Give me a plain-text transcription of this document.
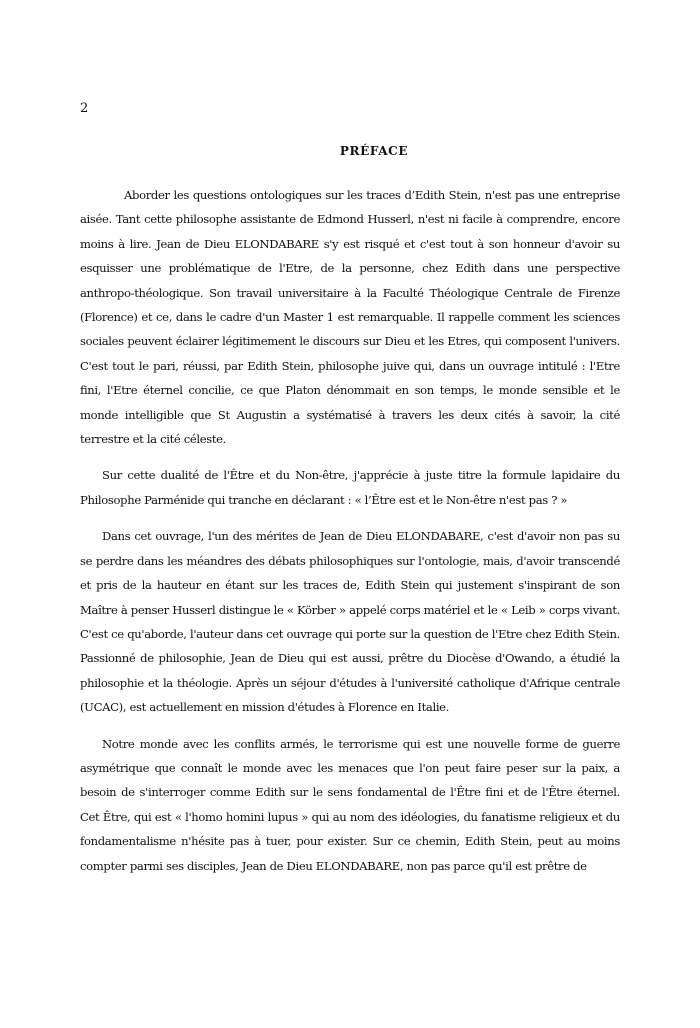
2
PRÉFACE

Aborder les questions ontologiques sur les traces d’Edith Stein, n'est pas une entreprise aisée. Tant cette philosophe assistante de Edmond Husserl, n'est ni facile à comprendre, encore moins à lire. Jean de Dieu ELONDABARE s'y est risqué et c'est tout à son honneur d'avoir su esquisser une problématique de l'Etre, de la personne, chez Edith dans une perspective anthropo-théologique. Son travail universitaire à la Faculté Théologique Centrale de Firenze (Florence) et ce, dans le cadre d'un Master 1 est remarquable. Il rappelle comment les sciences sociales peuvent éclairer légitimement le discours sur Dieu et les Etres, qui composent l'univers. C'est tout le pari, réussi, par Edith Stein, philosophe juive qui, dans un ouvrage intitulé : l'Etre fini, l'Etre éternel concilie, ce que Platon dénommait en son temps, le monde sensible et le monde intelligible que St Augustin a systématisé à travers les deux cités à savoir, la cité terrestre et la cité céleste.

Sur cette dualité de l'Être et du Non-être, j'apprécie à juste titre la formule lapidaire du Philosophe Parménide qui tranche en déclarant : « l’Être est et le Non-être n'est pas ? »

Dans cet ouvrage, l'un des mérites de Jean de Dieu ELONDABARE, c'est d'avoir non pas su se perdre dans les méandres des débats philosophiques sur l'ontologie, mais, d'avoir transcendé et pris de la hauteur en étant sur les traces de, Edith Stein qui justement s'inspirant de son Maître à penser Husserl distingue le « Körber » appelé corps matériel et le « Leib » corps vivant. C'est ce qu'aborde, l'auteur dans cet ouvrage qui porte sur la question de l'Etre chez Edith Stein. Passionné de philosophie, Jean de Dieu qui est aussi, prêtre du Diocèse d'Owando, a étudié la philosophie et la théologie. Après un séjour d'études à l'université catholique d'Afrique centrale (UCAC), est actuellement en mission d'études à Florence en Italie.

Notre monde avec les conflits armés, le terrorisme qui est une nouvelle forme de guerre asymétrique que connaît le monde avec les menaces que l'on peut faire peser sur la paix, a besoin de s'interroger comme Edith sur le sens fondamental de l'Être fini et de l'Être éternel. Cet Être, qui est « l'homo homini lupus » qui au nom des idéologies, du fanatisme religieux et du fondamentalisme n'hésite pas à tuer, pour exister. Sur ce chemin, Edith Stein, peut au moins compter parmi ses disciples, Jean de Dieu ELONDABARE, non pas parce qu'il est prêtre de
